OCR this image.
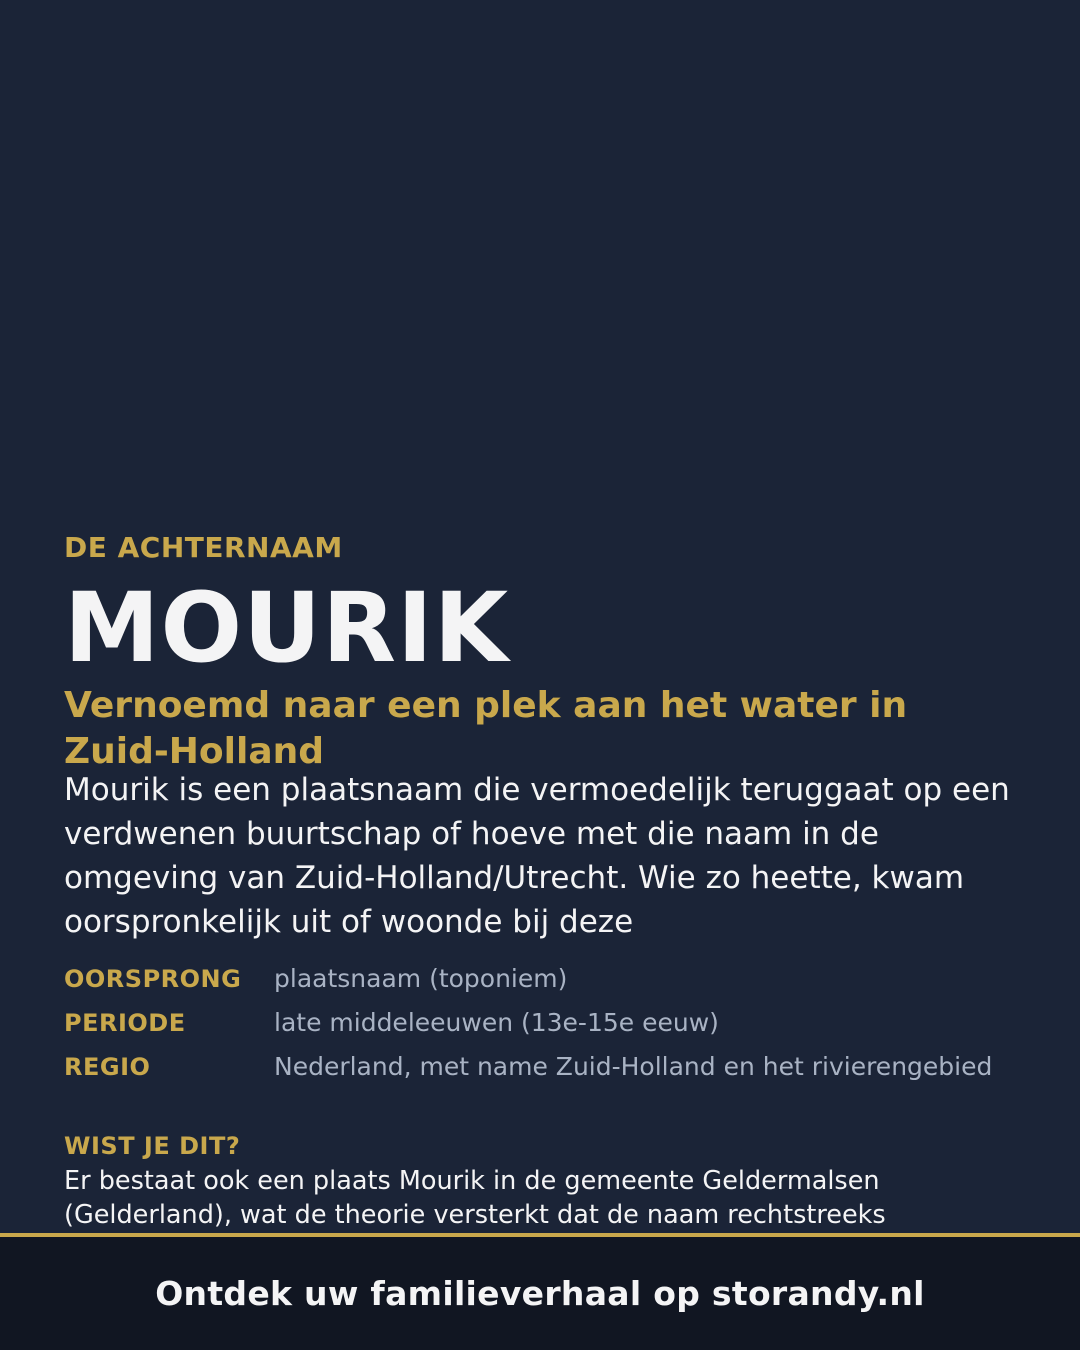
DE ACHTERNAAM

MOURIK
Vernoemd naar een plek aan het water in Zuid-Holland

Mourik is een plaatsnaam die vermoedelijk teruggaat op een verdwenen buurtschap of hoeve met die naam in de omgeving van Zuid-Holland/Utrecht. Wie zo heette, kwam oorspronkelijk uit of woonde bij deze

OORSPRONG	plaatsnaam (toponiem)
PERIODE	late middeleeuwen (13e-15e eeuw)
REGIO	Nederland, met name Zuid-Holland en het rivierengebied
WIST JE DIT?

Er bestaat ook een plaats Mourik in de gemeente Geldermalsen (Gelderland), wat de theorie versterkt dat de naam rechtstreeks

Ontdek uw familieverhaal op storandy.nl
